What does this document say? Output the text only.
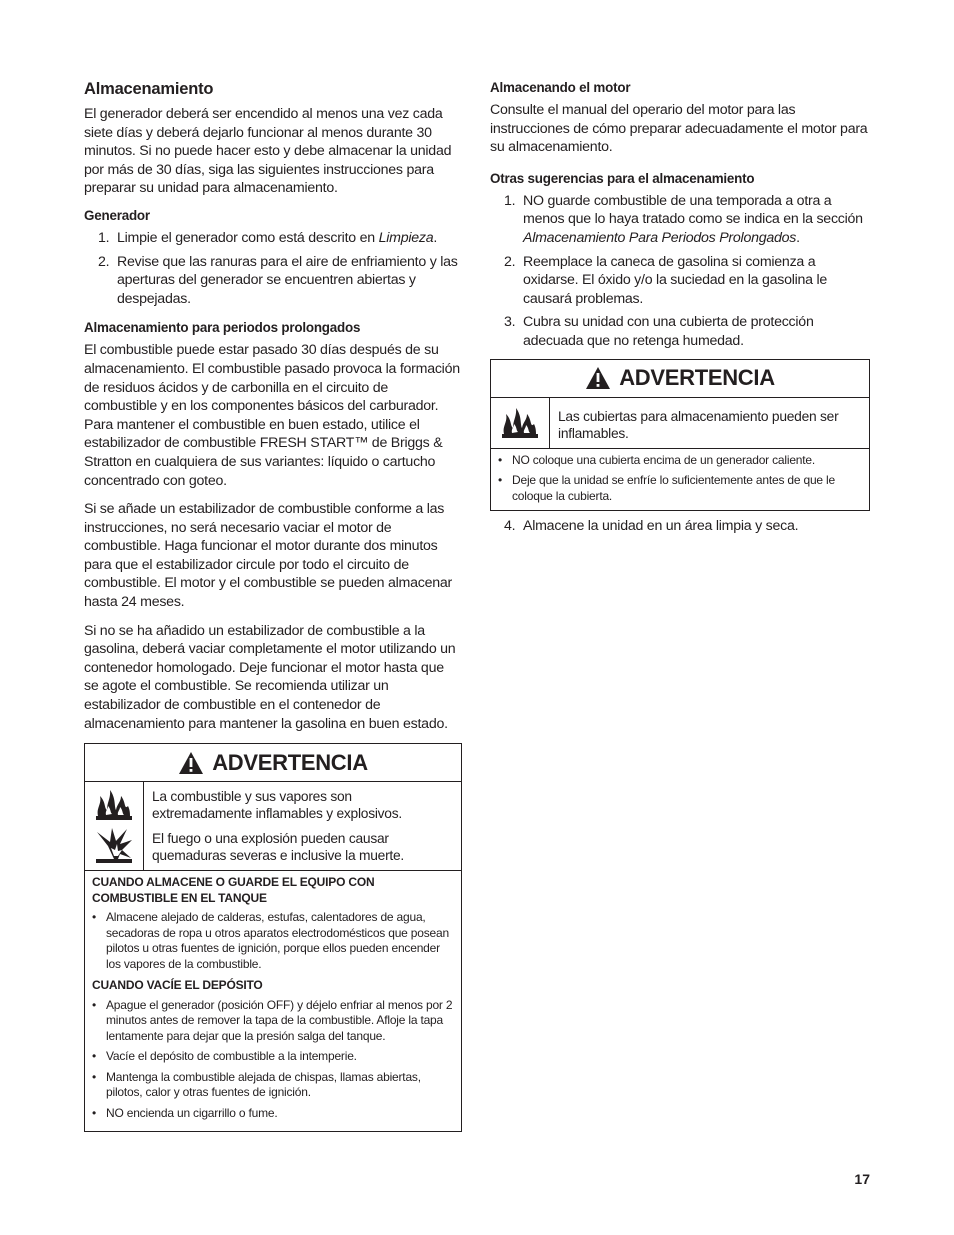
Almacenamiento

El generador deberá ser encendido al menos una vez cada siete días y deberá dejarlo funcionar al menos durante 30 minutos. Si no puede hacer esto y debe almacenar la unidad por más de 30 días, siga las siguientes instrucciones para preparar su unidad para almacenamiento.

Generador
1. Limpie el generador como está descrito en Limpieza.
2. Revise que las ranuras para el aire de enfriamiento y las aperturas del generador se encuentren abiertas y despejadas.
Almacenamiento para periodos prolongados

El combustible puede estar pasado 30 días después de su almacenamiento. El combustible pasado provoca la formación de residuos ácidos y de carbonilla en el circuito de combustible y en los componentes básicos del carburador. Para mantener el combustible en buen estado, utilice el estabilizador de combustible FRESH START™ de Briggs & Stratton en cualquiera de sus variantes: líquido o cartucho concentrado con goteo.

Si se añade un estabilizador de combustible conforme a las instrucciones, no será necesario vaciar el motor de combustible. Haga funcionar el motor durante dos minutos para que el estabilizador circule por todo el circuito de combustible. El motor y el combustible se pueden almacenar hasta 24 meses.

Si no se ha añadido un estabilizador de combustible a la gasolina, deberá vaciar completamente el motor utilizando un contenedor homologado. Deje funcionar el motor hasta que se agote el combustible. Se recomienda utilizar un estabilizador de combustible en el contenedor de almacenamiento para mantener la gasolina en buen estado.

ADVERTENCIA

La combustible y sus vapores son extremadamente inflamables y explosivos.

El fuego o una explosión pueden causar quemaduras severas e inclusive la muerte.

CUANDO ALMACENE O GUARDE EL EQUIPO CON COMBUSTIBLE EN EL TANQUE
• Almacene alejado de calderas, estufas, calentadores de agua, secadoras de ropa u otros aparatos electrodomésticos que posean pilotos u otras fuentes de ignición, porque ellos pueden encender los vapores de la combustible.
CUANDO VACÍE EL DEPÓSITO
• Apague el generador (posición OFF) y déjelo enfriar al menos por 2 minutos antes de remover la tapa de la combustible. Afloje la tapa lentamente para dejar que la presión salga del tanque.
• Vacíe el depósito de combustible a la intemperie.
• Mantenga la combustible alejada de chispas, llamas abiertas, pilotos, calor y otras fuentes de ignición.
• NO encienda un cigarrillo o fume.
Almacenando el motor

Consulte el manual del operario del motor para las instrucciones de cómo preparar adecuadamente el motor para su almacenamiento.

Otras sugerencias para el almacenamiento
1. NO guarde combustible de una temporada a otra a menos que lo haya tratado como se indica en la sección Almacenamiento Para Periodos Prolongados.
2. Reemplace la caneca de gasolina si comienza a oxidarse. El óxido y/o la suciedad en la gasolina le causará problemas.
3. Cubra su unidad con una cubierta de protección adecuada que no retenga humedad.
ADVERTENCIA

Las cubiertas para almacenamiento pueden ser inflamables.

• NO coloque una cubierta encima de un generador caliente.
• Deje que la unidad se enfríe lo suficientemente antes de que le coloque la cubierta.
4. Almacene la unidad en un área limpia y seca.
17
